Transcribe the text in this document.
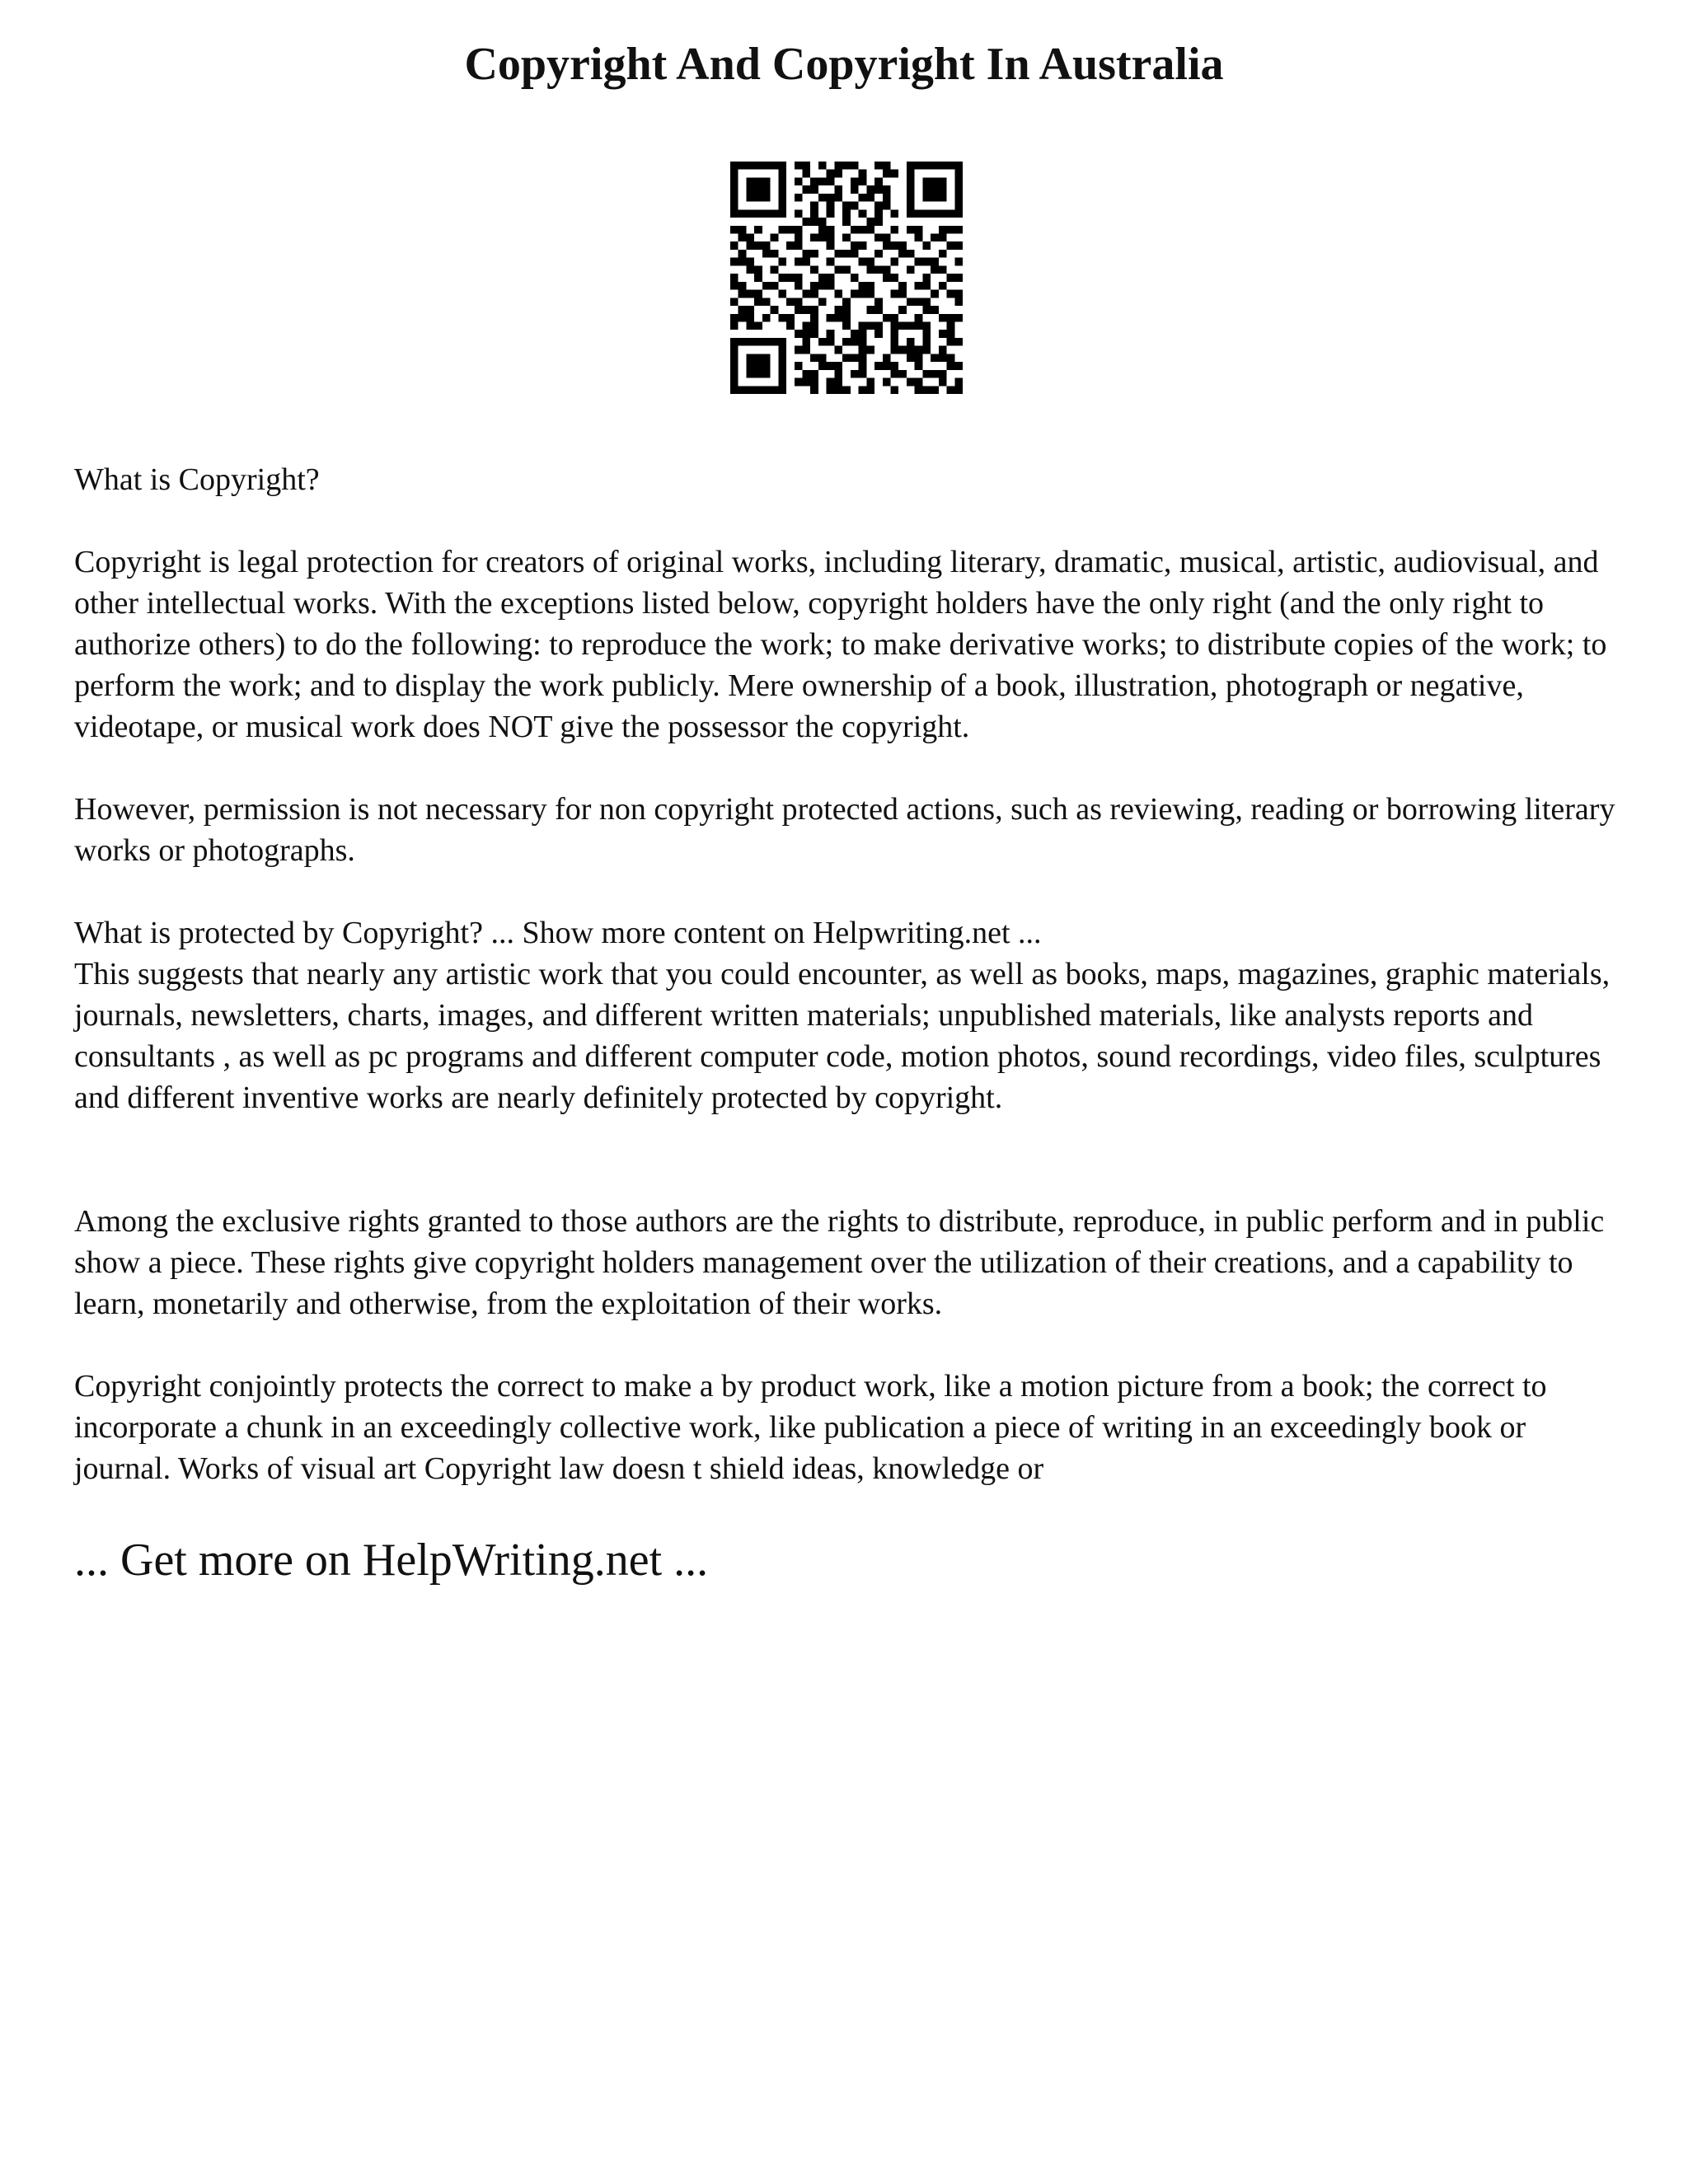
Copyright And Copyright In Australia

What is Copyright?

Copyright is legal protection for creators of original works, including literary, dramatic, musical, artistic, audiovisual, and other intellectual works. With the exceptions listed below, copyright holders have the only right (and the only right to authorize others) to do the following: to reproduce the work; to make derivative works; to distribute copies of the work; to perform the work; and to display the work publicly. Mere ownership of a book, illustration, photograph or negative, videotape, or musical work does NOT give the possessor the copyright.

However, permission is not necessary for non copyright protected actions, such as reviewing, reading or borrowing literary works or photographs.

What is protected by Copyright? ... Show more content on Helpwriting.net ...

This suggests that nearly any artistic work that you could encounter, as well as books, maps, magazines, graphic materials, journals, newsletters, charts, images, and different written materials; unpublished materials, like analysts reports and consultants , as well as pc programs and different computer code, motion photos, sound recordings, video files, sculptures and different inventive works are nearly definitely protected by copyright.

Among the exclusive rights granted to those authors are the rights to distribute, reproduce, in public perform and in public show a piece. These rights give copyright holders management over the utilization of their creations, and a capability to learn, monetarily and otherwise, from the exploitation of their works.

Copyright conjointly protects the correct to make a by product work, like a motion picture from a book; the correct to incorporate a chunk in an exceedingly collective work, like publication a piece of writing in an exceedingly book or journal. Works of visual art Copyright law doesn t shield ideas, knowledge or

... Get more on HelpWriting.net ...
